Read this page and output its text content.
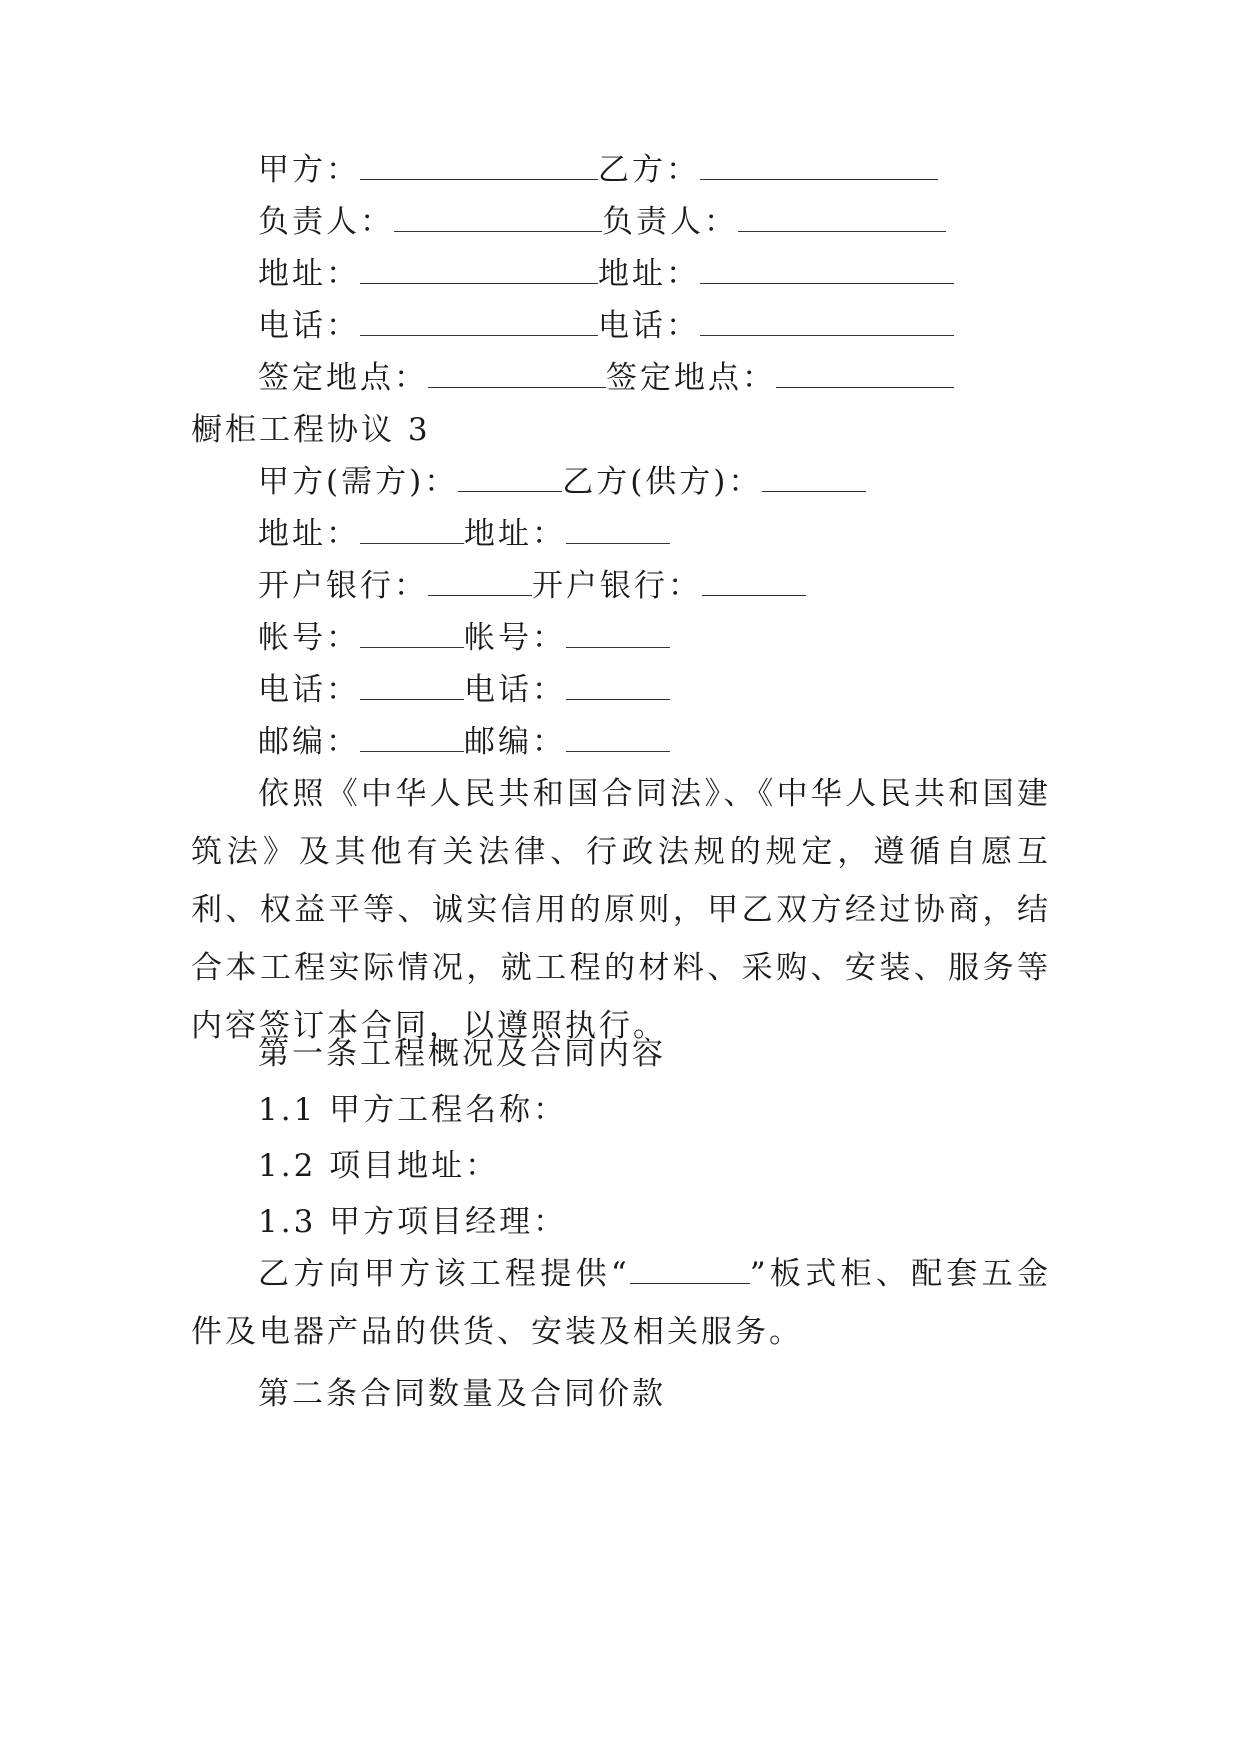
甲方：	乙方：
负责人：	负责人：
地址：	地址：
电话：	电话：
签定地点：	签定地点：
橱柜工程协议 3
甲方(需方)：	乙方(供方)：
地址：	地址：
开户银行：	开户银行：
帐号：	帐号：
电话：	电话：
邮编：	邮编：
依照《中华人民共和国合同法》、《中华人民共和国建筑法》及其他有关法律、行政法规的规定，遵循自愿互利、权益平等、诚实信用的原则，甲乙双方经过协商，结合本工程实际情况，就工程的材料、采购、安装、服务等内容签订本合同，以遵照执行。
第一条工程概况及合同内容
1.1 甲方工程名称：
1.2 项目地址：
1.3 甲方项目经理：
乙方向甲方该工程提供“	”板式柜、配套五金件及电器产品的供货、安装及相关服务。
第二条合同数量及合同价款
